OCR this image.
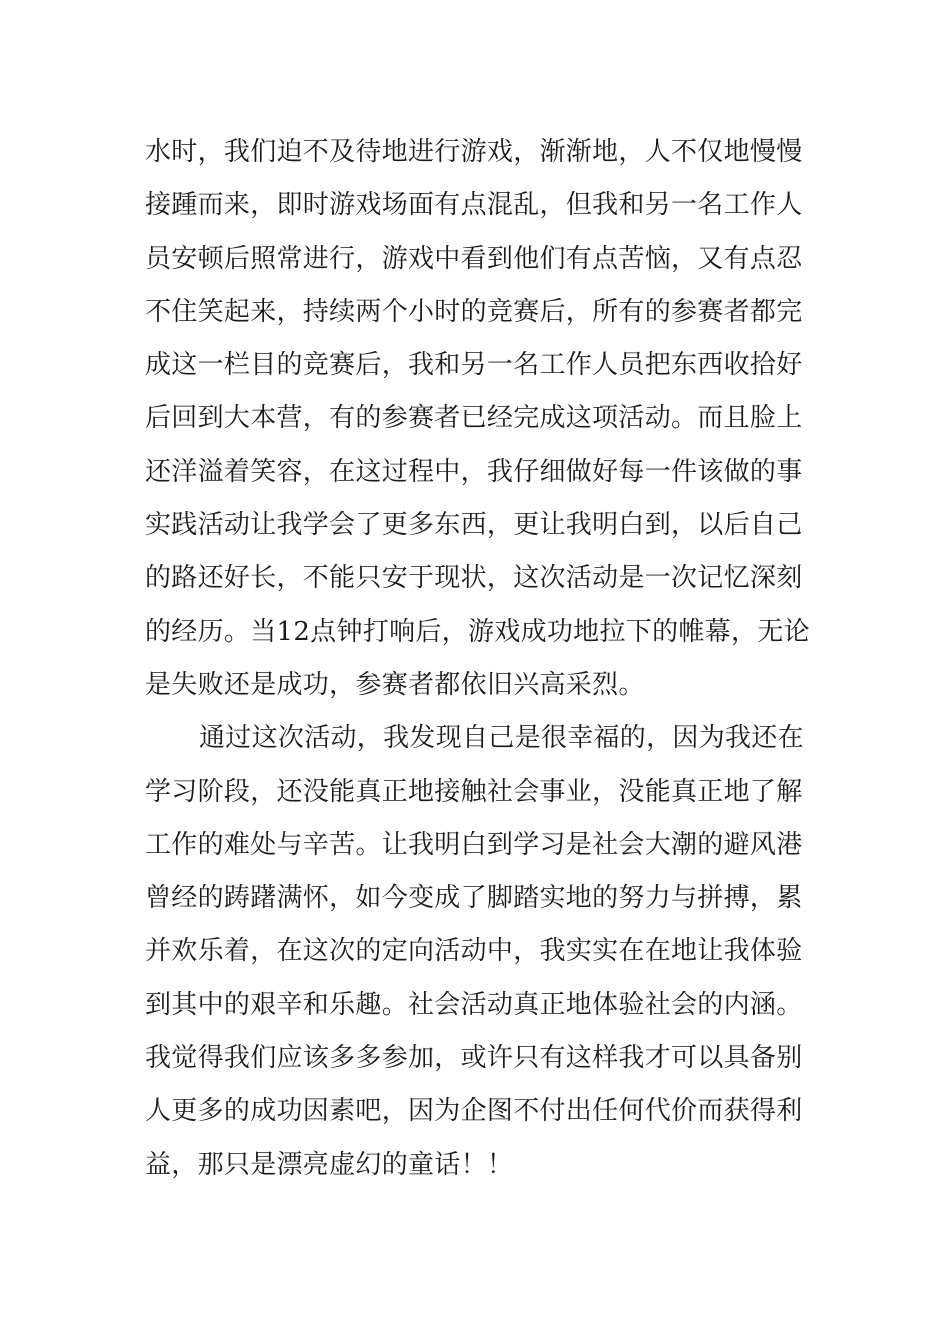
水时，我们迫不及待地进行游戏，渐渐地，人不仅地慢慢
接踵而来，即时游戏场面有点混乱，但我和另一名工作人
员安顿后照常进行，游戏中看到他们有点苦恼，又有点忍
不住笑起来，持续两个小时的竞赛后，所有的参赛者都完
成这一栏目的竞赛后，我和另一名工作人员把东西收拾好
后回到大本营，有的参赛者已经完成这项活动。而且脸上
还洋溢着笑容，在这过程中，我仔细做好每一件该做的事
实践活动让我学会了更多东西，更让我明白到，以后自己
的路还好长，不能只安于现状，这次活动是一次记忆深刻
的经历。当12点钟打响后，游戏成功地拉下的帷幕，无论
是失败还是成功，参赛者都依旧兴高采烈。
通过这次活动，我发现自己是很幸福的，因为我还在
学习阶段，还没能真正地接触社会事业，没能真正地了解
工作的难处与辛苦。让我明白到学习是社会大潮的避风港
曾经的踌躇满怀，如今变成了脚踏实地的努力与拼搏，累
并欢乐着，在这次的定向活动中，我实实在在地让我体验
到其中的艰辛和乐趣。社会活动真正地体验社会的内涵。
我觉得我们应该多多参加，或许只有这样我才可以具备别
人更多的成功因素吧，因为企图不付出任何代价而获得利
益，那只是漂亮虚幻的童话！！
